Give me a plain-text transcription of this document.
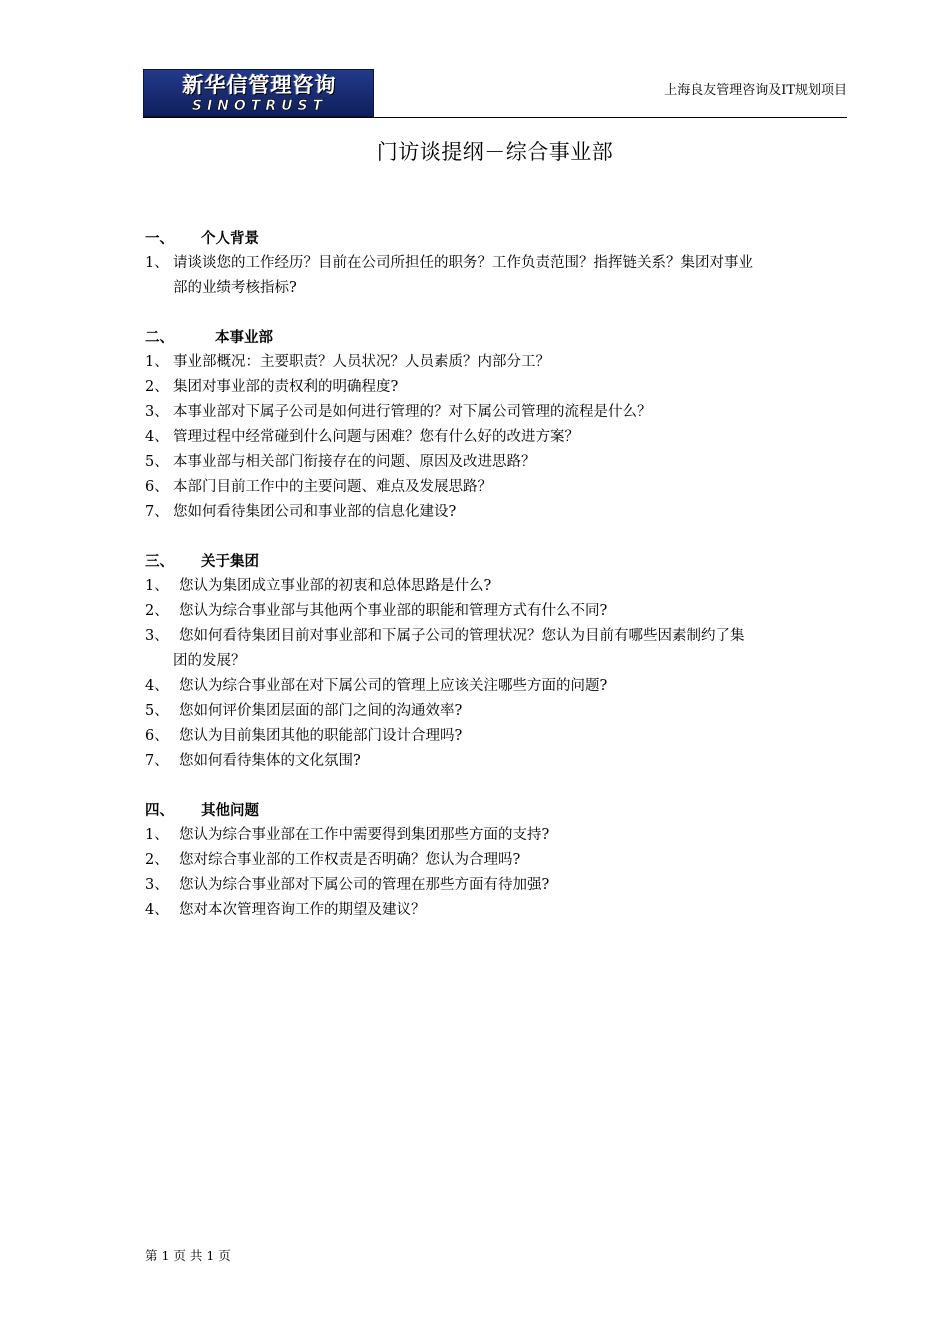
新华信管理咨询
SINOTRUST
上海良友管理咨询及IT规划项目
门访谈提纲－综合事业部
一、 个人背景
1、 请谈谈您的工作经历？目前在公司所担任的职务？工作负责范围？指挥链关系？集团对事业
部的业绩考核指标?
二、	本事业部
1、 事业部概况：主要职责？人员状况？人员素质？内部分工？
2、 集团对事业部的责权利的明确程度?
3、 本事业部对下属子公司是如何进行管理的？对下属公司管理的流程是什么？
4、 管理过程中经常碰到什么问题与困难？您有什么好的改进方案？
5、 本事业部与相关部门衔接存在的问题、原因及改进思路？
6、 本部门目前工作中的主要问题、难点及发展思路？
7、 您如何看待集团公司和事业部的信息化建设?
三、 关于集团
1、 您认为集团成立事业部的初衷和总体思路是什么?
2、 您认为综合事业部与其他两个事业部的职能和管理方式有什么不同?
3、 您如何看待集团目前对事业部和下属子公司的管理状况？您认为目前有哪些因素制约了集
团的发展？
4、 您认为综合事业部在对下属公司的管理上应该关注哪些方面的问题?
5、 您如何评价集团层面的部门之间的沟通效率?
6、 您认为目前集团其他的职能部门设计合理吗?
7、 您如何看待集体的文化氛围?
四、 其他问题
1、 您认为综合事业部在工作中需要得到集团那些方面的支持?
2、 您对综合事业部的工作权责是否明确？您认为合理吗?
3、 您认为综合事业部对下属公司的管理在那些方面有待加强?
4、 您对本次管理咨询工作的期望及建议？
第 1 页 共 1 页
